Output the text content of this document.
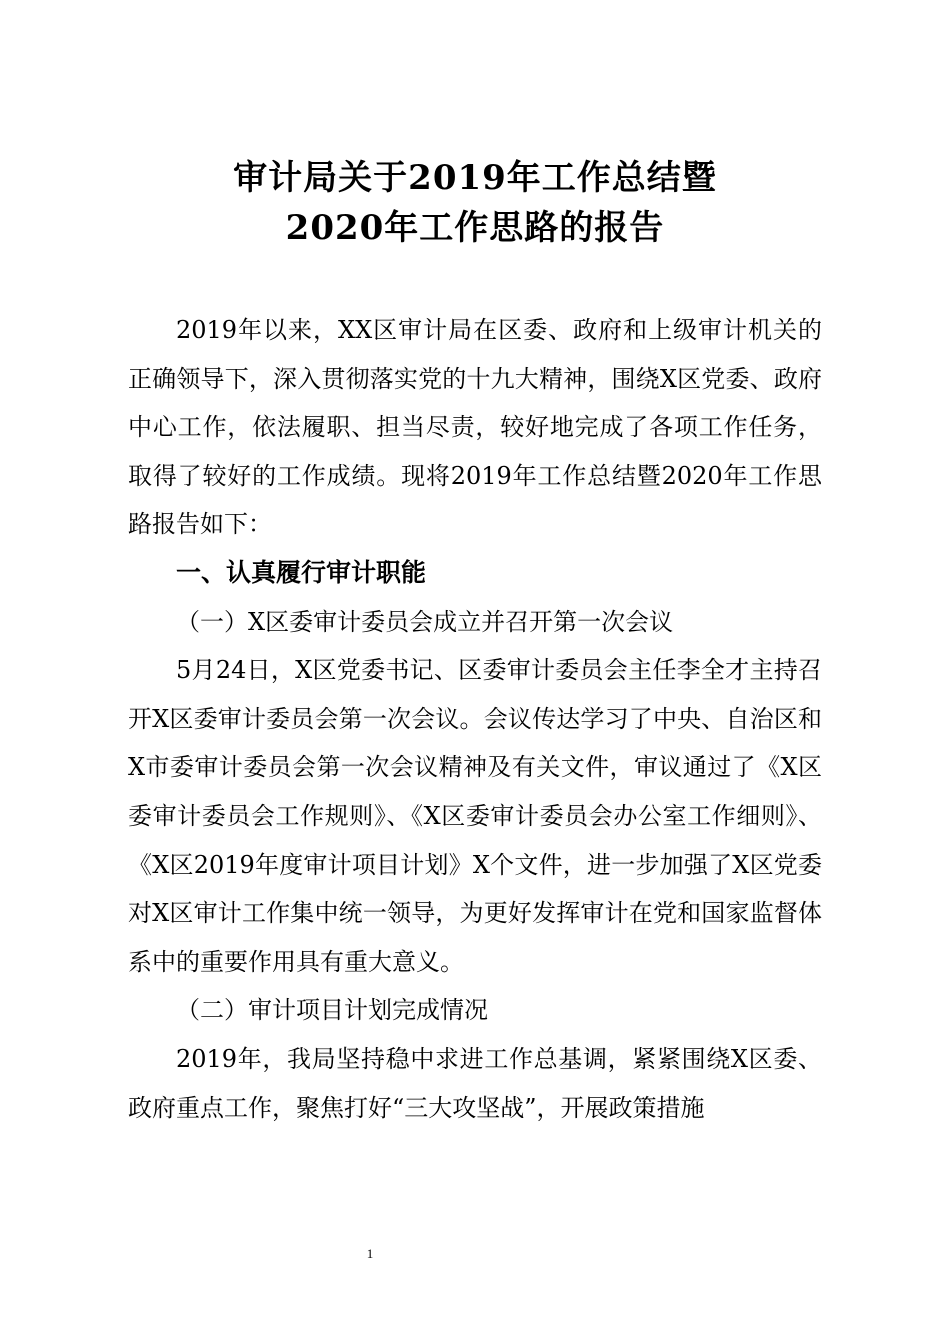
审计局关于2019年工作总结暨
2020年工作思路的报告

2019年以来，XX区审计局在区委、政府和上级审计机关的正确领导下，深入贯彻落实党的十九大精神，围绕X区党委、政府中心工作，依法履职、担当尽责，较好地完成了各项工作任务， 取得了较好的工作成绩。现将2019年工作总结暨2020年工作思路报告如下：

一、认真履行审计职能

（一）X区委审计委员会成立并召开第一次会议

5月24日，X区党委书记、区委审计委员会主任李全才主持召开X区委审计委员会第一次会议。会议传达学习了中央、自治区和X市委审计委员会第一次会议精神及有关文件，审议通过了《X区委审计委员会工作规则》、《X区委审计委员会办公室工作细则》、《X区2019年度审计项目计划》X个文件，进一步加强了X区党委对X区审计工作集中统一领导，为更好发挥审计在党和国家监督体系中的重要作用具有重大意义。

（二）审计项目计划完成情况

2019年，我局坚持稳中求进工作总基调，紧紧围绕X区委、政府重点工作，聚焦打好“三大攻坚战”，开展政策措施

1
